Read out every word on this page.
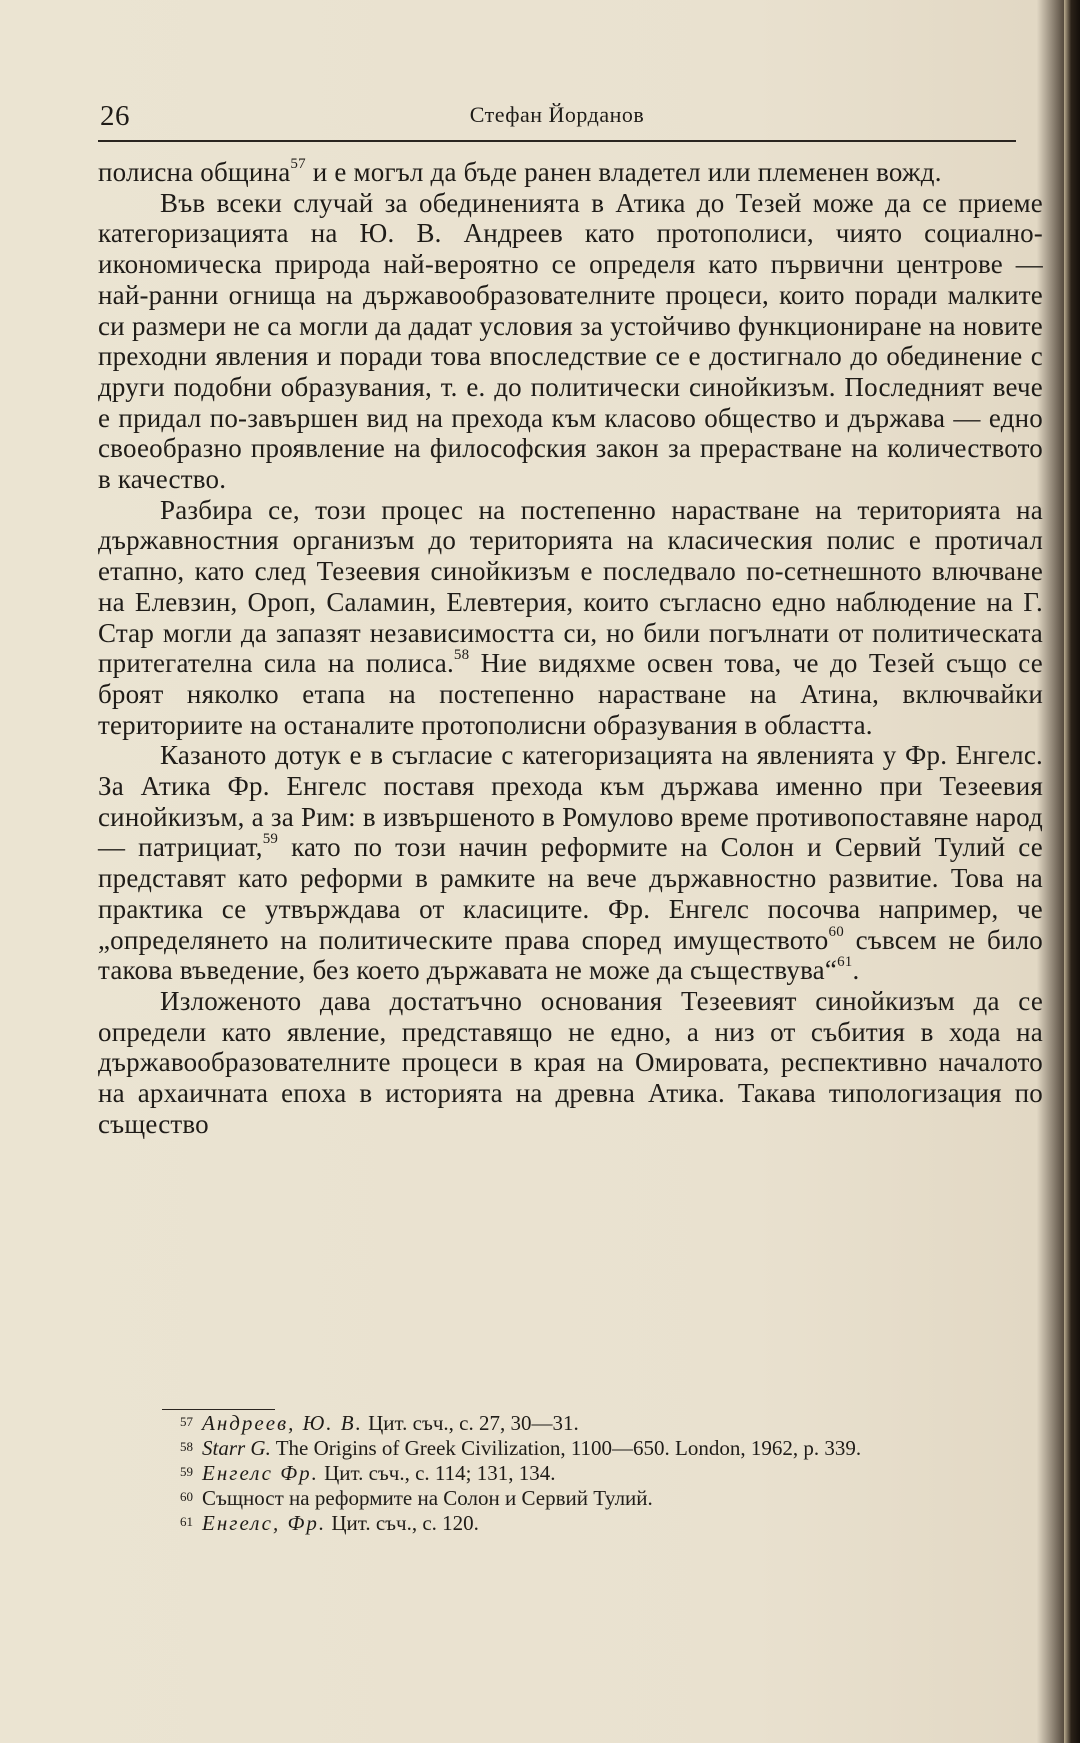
26	Стефан Йорданов

полисна община$^{57}$ и е могъл да бъде ранен владетел или племенен вожд.

Във всеки случай за обединенията в Атика до Тезей може да се приеме категоризацията на Ю. В. Андреев като протополиси, чиято социално-икономическа природа най-вероятно се определя като първични центрове — най-ранни огнища на държавообразователните процеси, които поради малките си размери не са могли да дадат условия за устойчиво функциониране на новите преходни явления и поради това впоследствие се е достигнало до обединение с други подобни образувания, т. е. до политически синойкизъм. Последният вече е придал по-завършен вид на прехода към класово общество и държава — едно своеобразно проявление на философския закон за прерастване на количеството в качество.

Разбира се, този процес на постепенно нарастване на територията на държавностния организъм до територията на класическия полис е протичал етапно, като след Тезеевия синойкизъм е последвало по-сетнешното влючване на Елевзин, Ороп, Саламин, Елевтерия, които съгласно едно наблюдение на Г. Стар могли да запазят независимостта си, но били погълнати от политическата притегателна сила на полиса.$^{58}$ Ние видяхме освен това, че до Тезей също се броят няколко етапа на постепенно нарастване на Атина, включвайки териториите на останалите протополисни образувания в областта.

Казаното дотук е в съгласие с категоризацията на явленията у Фр. Енгелс. За Атика Фр. Енгелс поставя прехода към държава именно при Тезеевия синойкизъм, а за Рим: в извършеното в Ромулово време противопоставяне народ — патрициат,$^{59}$ като по този начин реформите на Солон и Сервий Тулий се представят като реформи в рамките на вече държавностно развитие. Това на практика се утвърждава от класиците. Фр. Енгелс посочва например, че „определянето на политическите права според имуществото$^{60}$ съвсем не било такова въведение, без което държавата не може да съществува“$^{61}$.

Изложеното дава достатъчно основания Тезеевият синойкизъм да се определи като явление, представящо не едно, а низ от събития в хода на държавообразователните процеси в края на Омировата, респективно началото на архаичната епоха в историята на древна Атика. Такава типологизация по същество

57 Андреев, Ю. В. Цит. съч., с. 27, 30—31.

58 Starr G. The Origins of Greek Civilization, 1100—650. London, 1962, p. 339.

59 Енгелс Фр. Цит. съч., с. 114; 131, 134.

60 Същност на реформите на Солон и Сервий Тулий.

61 Енгелс, Фр. Цит. съч., с. 120.
